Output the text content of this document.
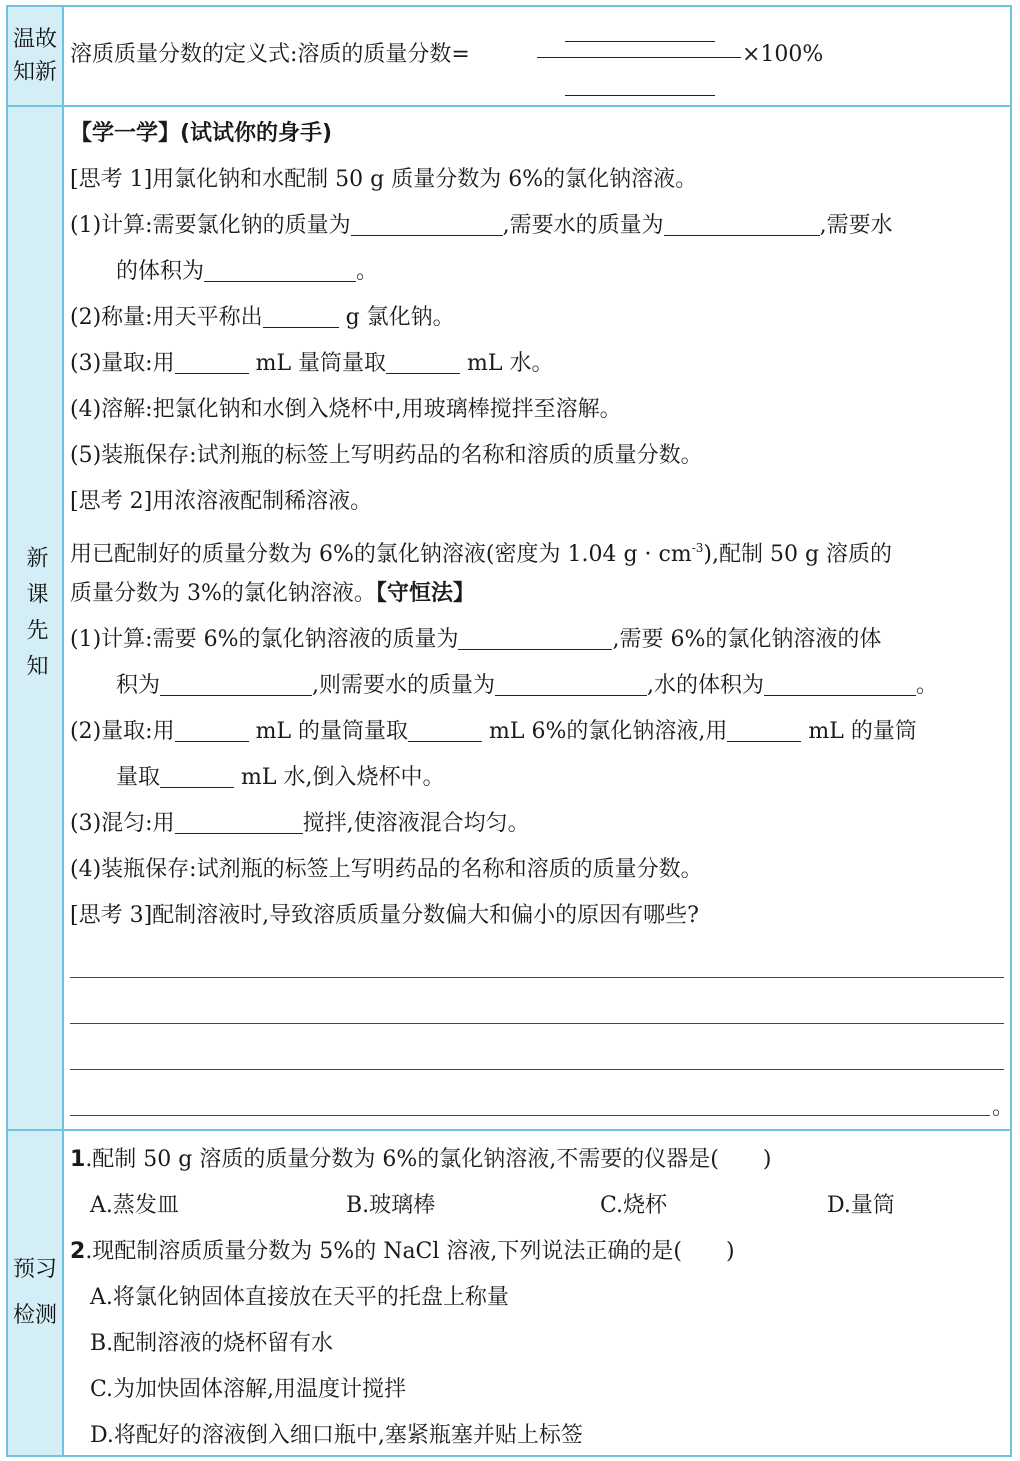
温故知新
溶质质量分数的定义式:溶质的质量分数=	×100%
新课先知
【学一学】(试试你的身手)
[思考 1]用氯化钠和水配制 50 g 质量分数为 6%的氯化钠溶液。
(1)计算:需要氯化钠的质量为	,需要水的质量为	,需要水
的体积为	。
(2)称量:用天平称出	g 氯化钠。
(3)量取:用	mL 量筒量取	mL 水。
(4)溶解:把氯化钠和水倒入烧杯中,用玻璃棒搅拌至溶解。
(5)装瓶保存:试剂瓶的标签上写明药品的名称和溶质的质量分数。
[思考 2]用浓溶液配制稀溶液。
用已配制好的质量分数为 6%的氯化钠溶液(密度为 1.04 $g \cdot cm^{-3}$),配制 50 g 溶质的
质量分数为 3%的氯化钠溶液。【守恒法】
(1)计算:需要 6%的氯化钠溶液的质量为	,需要 6%的氯化钠溶液的体
积为	,则需要水的质量为	,水的体积为	。
(2)量取:用	mL 的量筒量取	mL 6%的氯化钠溶液,用	mL 的量筒
量取	mL 水,倒入烧杯中。
(3)混匀:用	搅拌,使溶液混合均匀。
(4)装瓶保存:试剂瓶的标签上写明药品的名称和溶质的质量分数。
[思考 3]配制溶液时,导致溶质质量分数偏大和偏小的原因有哪些?
。
预习检测
1.配制 50 g 溶质的质量分数为 6%的氯化钠溶液,不需要的仪器是(　　)
A.蒸发皿	B.玻璃棒	C.烧杯	D.量筒
2.现配制溶质质量分数为 5%的 NaCl 溶液,下列说法正确的是(　　)
A.将氯化钠固体直接放在天平的托盘上称量
B.配制溶液的烧杯留有水
C.为加快固体溶解,用温度计搅拌
D.将配好的溶液倒入细口瓶中,塞紧瓶塞并贴上标签
